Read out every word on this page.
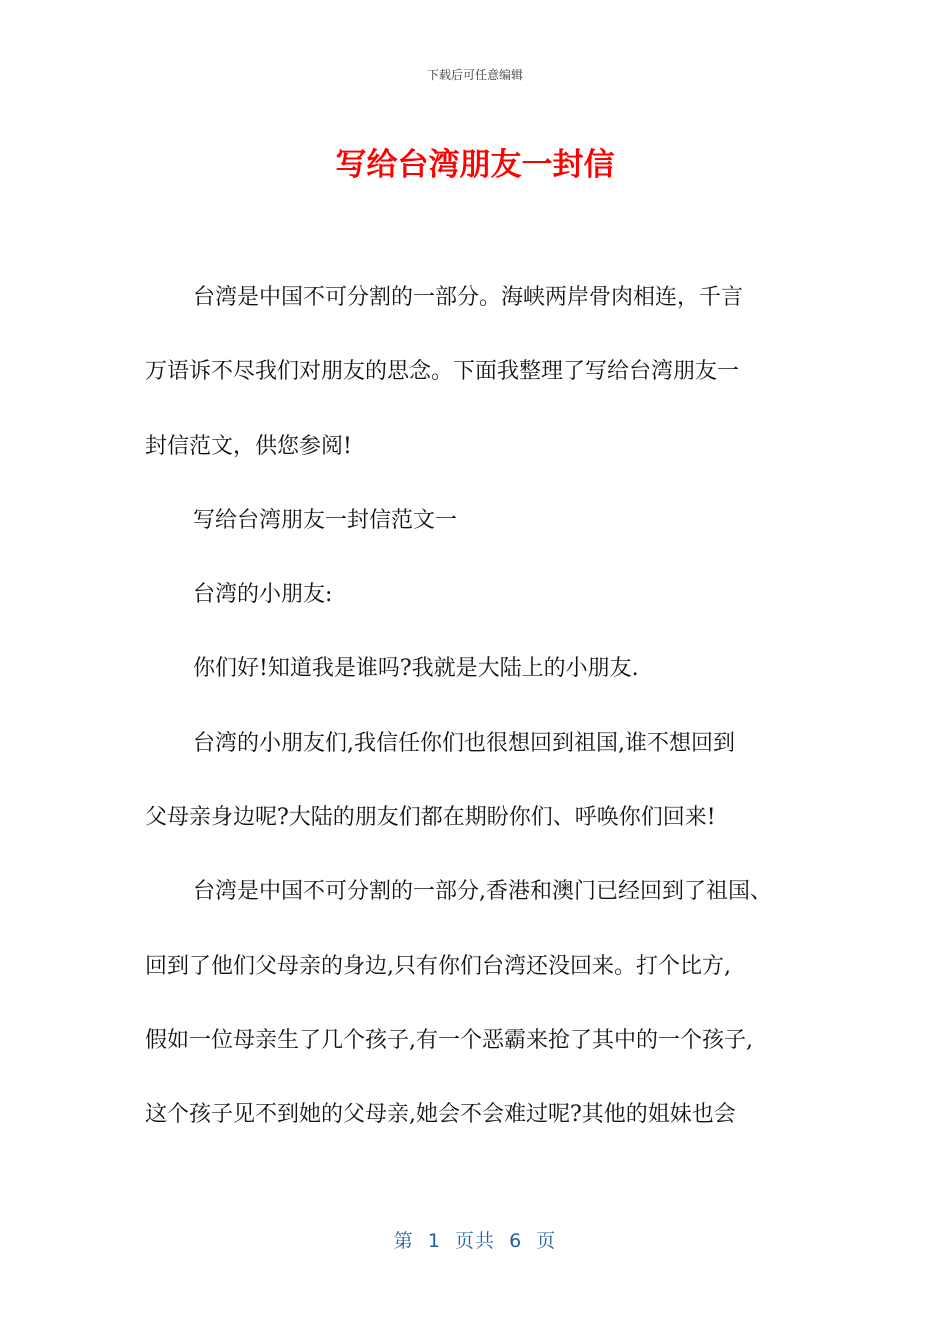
下载后可任意编辑
写给台湾朋友一封信
台湾是中国不可分割的一部分。海峡两岸骨肉相连，千言
万语诉不尽我们对朋友的思念。下面我整理了写给台湾朋友一
封信范文，供您参阅!
写给台湾朋友一封信范文一
台湾的小朋友:
你们好!知道我是谁吗?我就是大陆上的小朋友.
台湾的小朋友们,我信任你们也很想回到祖国,谁不想回到
父母亲身边呢?大陆的朋友们都在期盼你们、呼唤你们回来!
台湾是中国不可分割的一部分,香港和澳门已经回到了祖国、
回到了他们父母亲的身边,只有你们台湾还没回来。打个比方,
假如一位母亲生了几个孩子,有一个恶霸来抢了其中的一个孩子,
这个孩子见不到她的父母亲,她会不会难过呢?其他的姐妹也会
第  1  页共  6  页
